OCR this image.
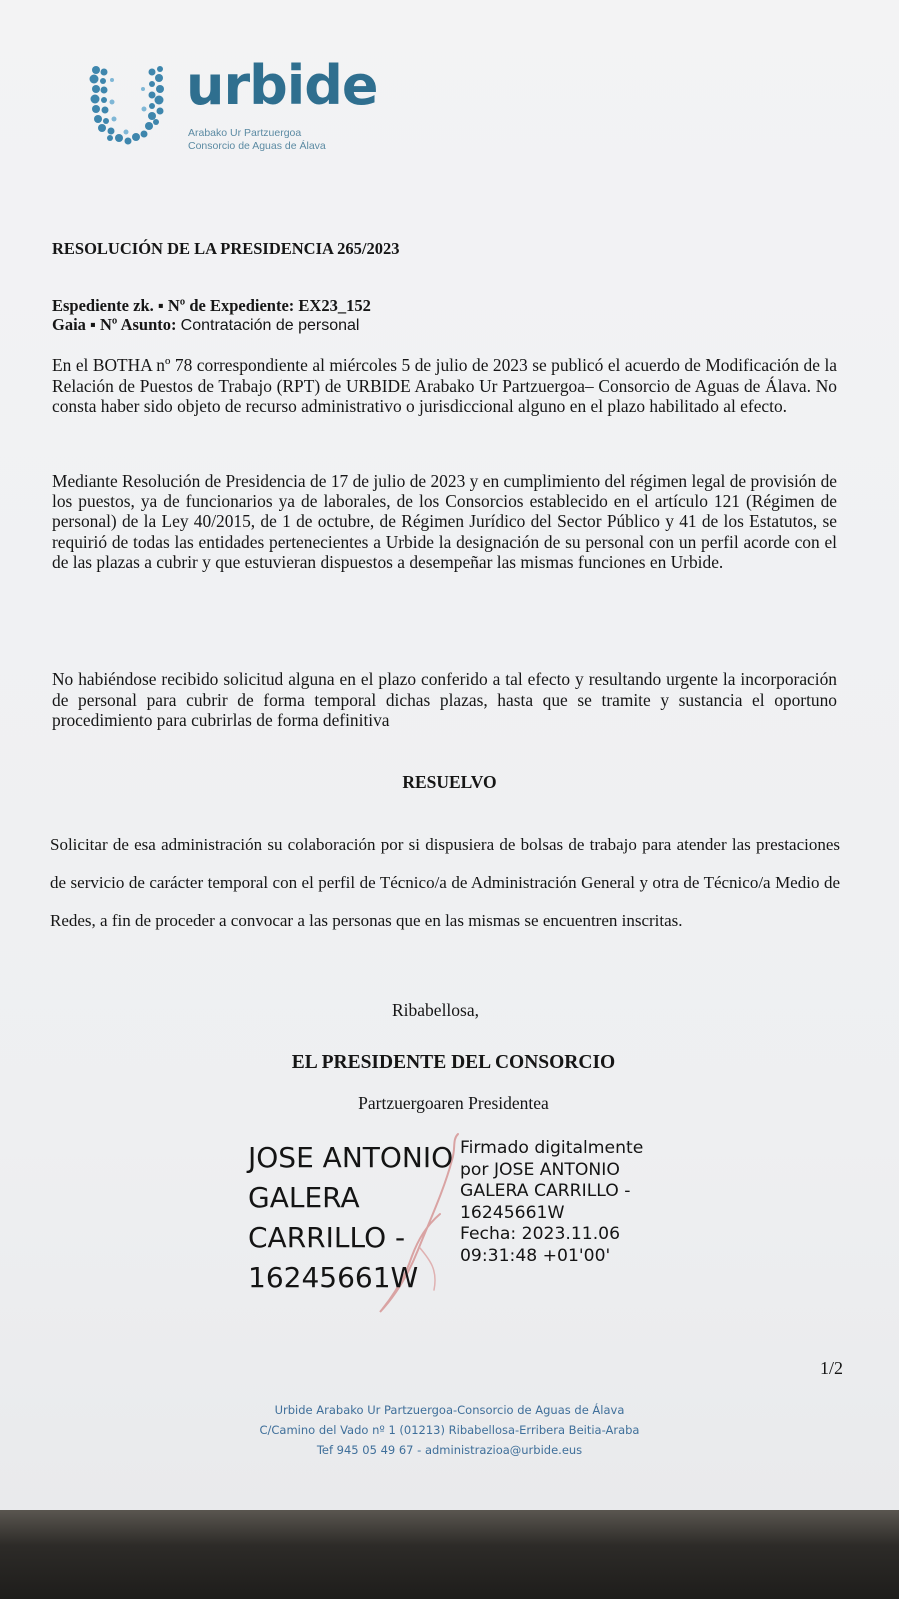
urbide
Arabako Ur Partzuergoa
Consorcio de Aguas de Álava
RESOLUCIÓN DE LA PRESIDENCIA 265/2023
Espediente zk. ▪ Nº de Expediente: EX23_152
Gaia ▪ Nº Asunto: Contratación de personal

En el BOTHA nº 78 correspondiente al miércoles 5 de julio de 2023 se publicó el acuerdo de Modificación de la Relación de Puestos de Trabajo (RPT) de URBIDE Arabako Ur Partzuergoa– Consorcio de Aguas de Álava. No consta haber sido objeto de recurso administrativo o jurisdiccional alguno en el plazo habilitado al efecto.

Mediante Resolución de Presidencia de 17 de julio de 2023 y en cumplimiento del régimen legal de provisión de los puestos, ya de funcionarios ya de laborales, de los Consorcios establecido en el artículo 121 (Régimen de personal) de la Ley 40/2015, de 1 de octubre, de Régimen Jurídico del Sector Público y 41 de los Estatutos, se requirió de todas las entidades pertenecientes a Urbide la designación de su personal con un perfil acorde con el de las plazas a cubrir y que estuvieran dispuestos a desempeñar las mismas funciones en Urbide.

No habiéndose recibido solicitud alguna en el plazo conferido a tal efecto y resultando urgente la incorporación de personal para cubrir de forma temporal dichas plazas, hasta que se tramite y sustancia el oportuno procedimiento para cubrirlas de forma definitiva

RESUELVO

Solicitar de esa administración su colaboración por si dispusiera de bolsas de trabajo para atender las prestaciones de servicio de carácter temporal con el perfil de Técnico/a de Administración General y otra de Técnico/a Medio de Redes, a fin de proceder a convocar a las personas que en las mismas se encuentren inscritas.

Ribabellosa,
EL PRESIDENTE DEL CONSORCIO
Partzuergoaren Presidentea
JOSE ANTONIO
GALERA
CARRILLO -
16245661W
Firmado digitalmente
por JOSE ANTONIO
GALERA CARRILLO -
16245661W
Fecha: 2023.11.06
09:31:48 +01'00'
1/2
Urbide Arabako Ur Partzuergoa-Consorcio de Aguas de Álava
C/Camino del Vado nº 1 (01213) Ribabellosa-Erribera Beitia-Araba
Tef 945 05 49 67 - administrazioa@urbide.eus
